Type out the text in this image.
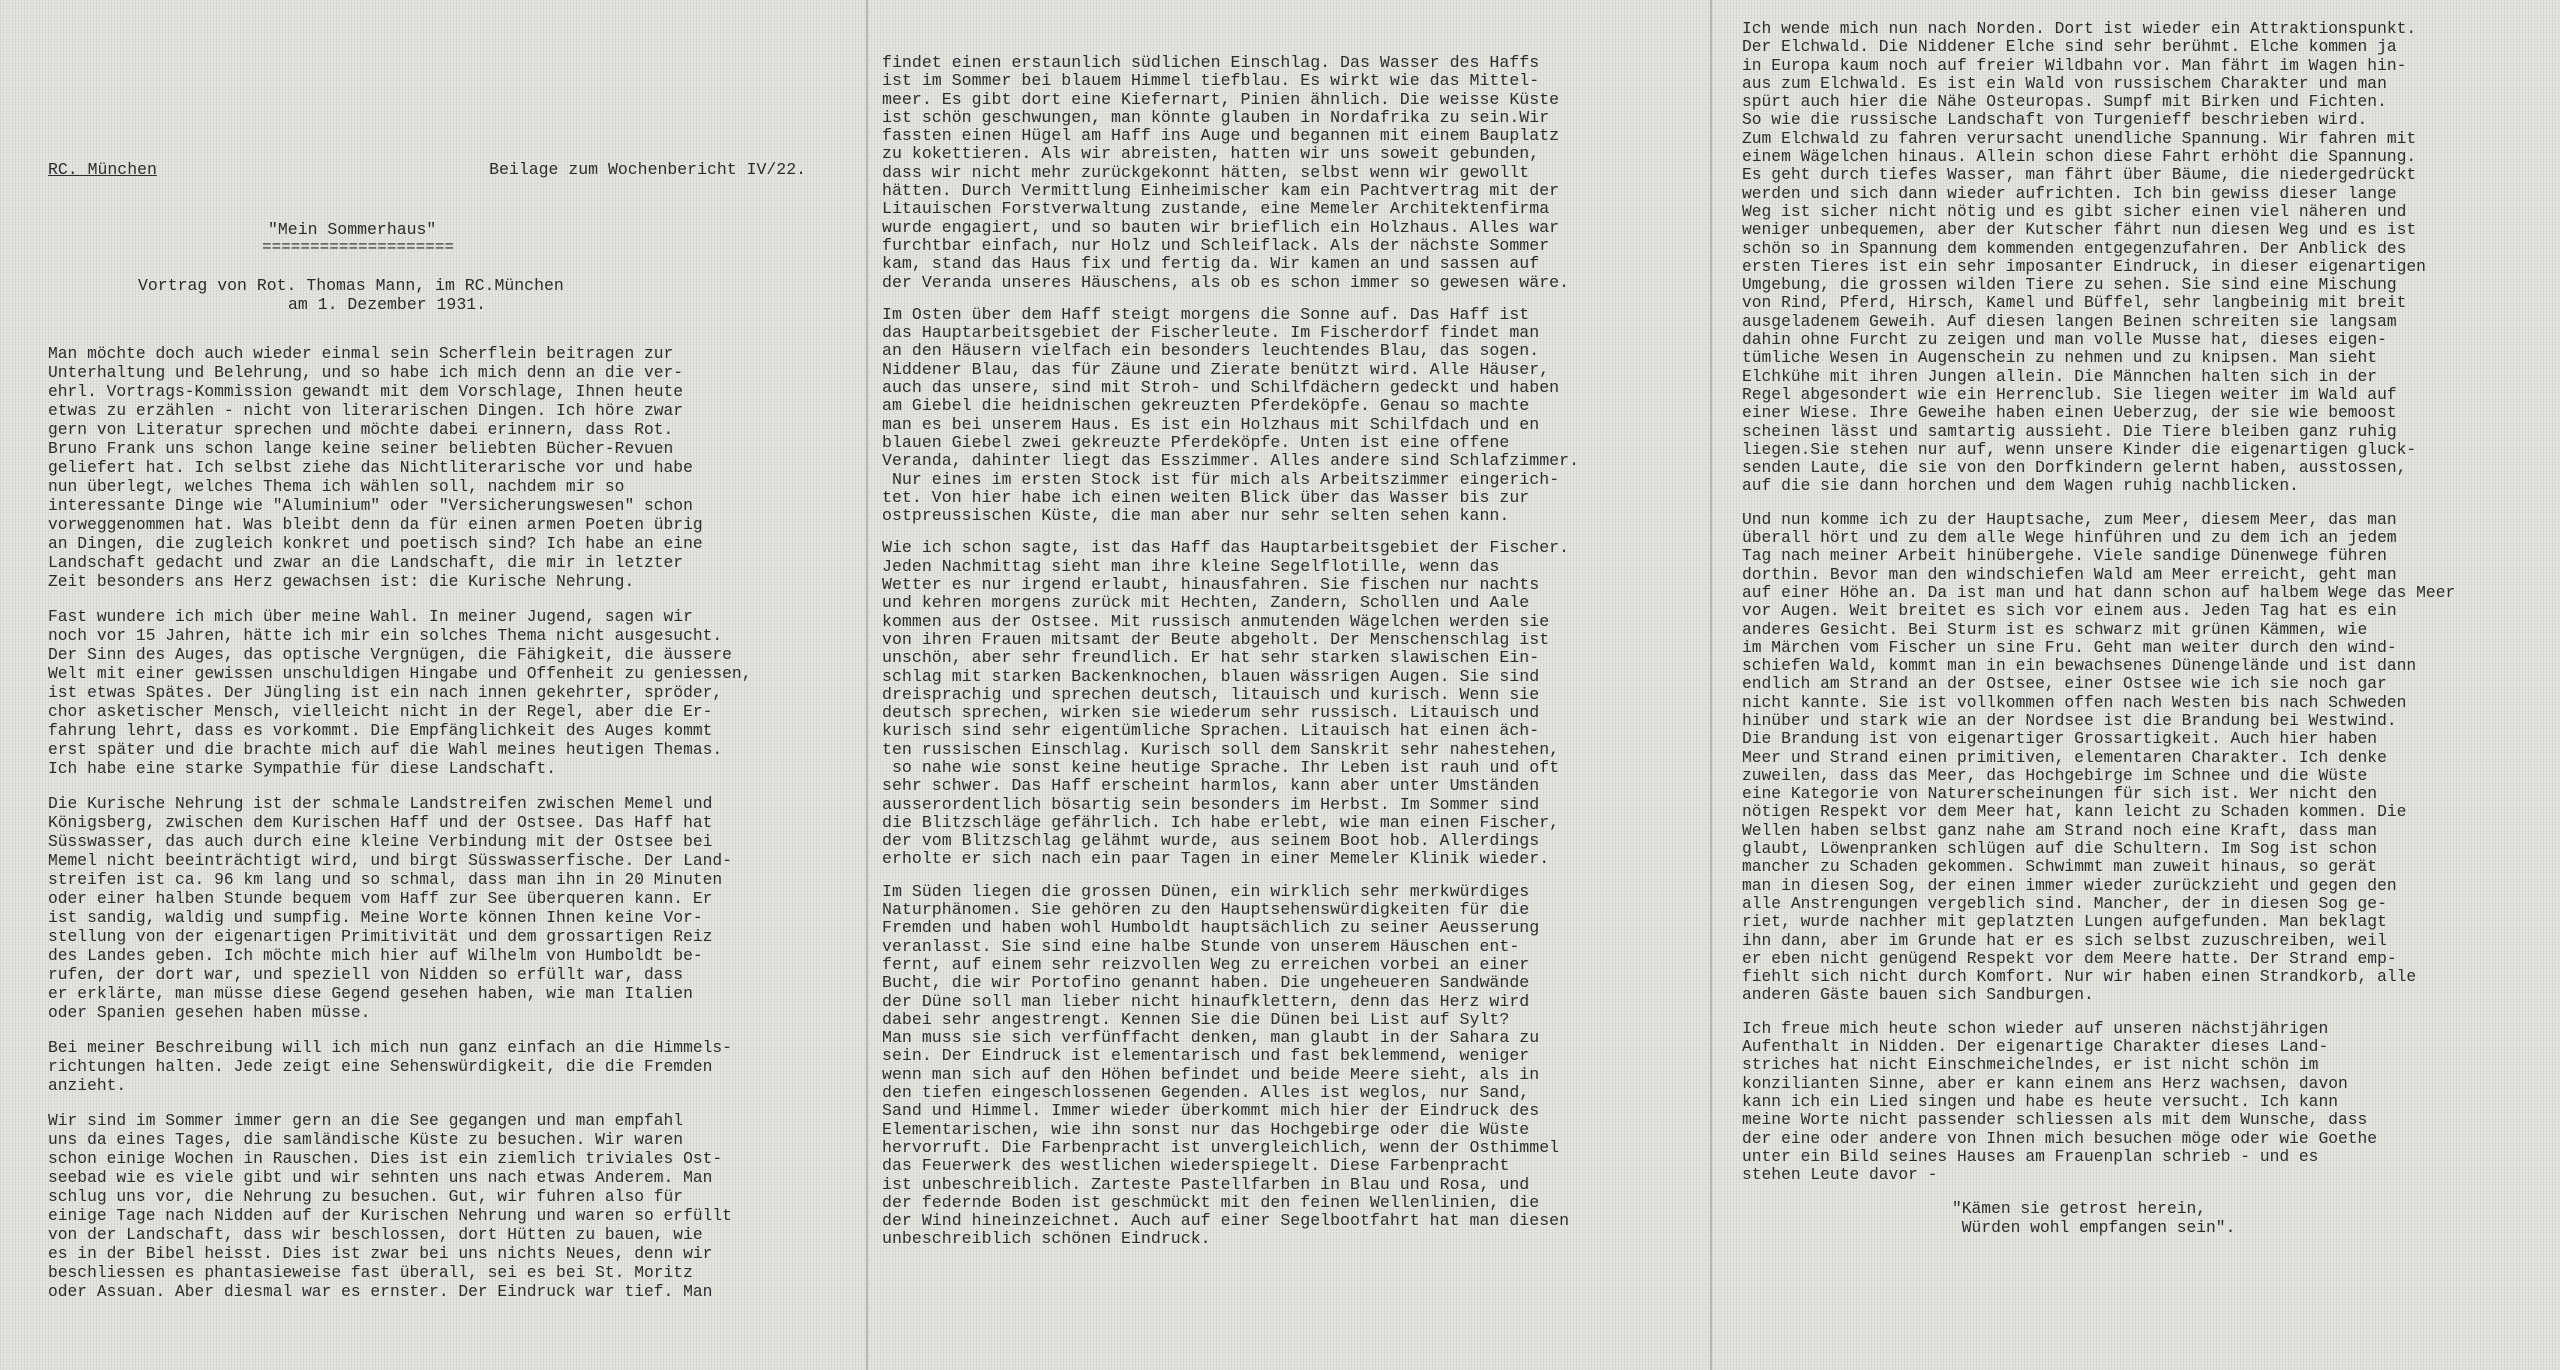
RC. München	Beilage zum Wochenbericht IV/22.
"Mein Sommerhaus"
====================
Vortrag von Rot. Thomas Mann, im RC.München
am 1. Dezember 1931.

Man möchte doch auch wieder einmal sein Scherflein beitragen zur
Unterhaltung und Belehrung, und so habe ich mich denn an die ver-
ehrl. Vortrags-Kommission gewandt mit dem Vorschlage, Ihnen heute
etwas zu erzählen - nicht von literarischen Dingen. Ich höre zwar
gern von Literatur sprechen und möchte dabei erinnern, dass Rot.
Bruno Frank uns schon lange keine seiner beliebten Bücher-Revuen
geliefert hat. Ich selbst ziehe das Nichtliterarische vor und habe
nun überlegt, welches Thema ich wählen soll, nachdem mir so
interessante Dinge wie "Aluminium" oder "Versicherungswesen" schon
vorweggenommen hat. Was bleibt denn da für einen armen Poeten übrig
an Dingen, die zugleich konkret und poetisch sind? Ich habe an eine
Landschaft gedacht und zwar an die Landschaft, die mir in letzter
Zeit besonders ans Herz gewachsen ist: die Kurische Nehrung.

Fast wundere ich mich über meine Wahl. In meiner Jugend, sagen wir
noch vor 15 Jahren, hätte ich mir ein solches Thema nicht ausgesucht.
Der Sinn des Auges, das optische Vergnügen, die Fähigkeit, die äussere
Welt mit einer gewissen unschuldigen Hingabe und Offenheit zu geniessen,
ist etwas Spätes. Der Jüngling ist ein nach innen gekehrter, spröder,
chor asketischer Mensch, vielleicht nicht in der Regel, aber die Er-
fahrung lehrt, dass es vorkommt. Die Empfänglichkeit des Auges kommt
erst später und die brachte mich auf die Wahl meines heutigen Themas.
Ich habe eine starke Sympathie für diese Landschaft.

Die Kurische Nehrung ist der schmale Landstreifen zwischen Memel und
Königsberg, zwischen dem Kurischen Haff und der Ostsee. Das Haff hat
Süsswasser, das auch durch eine kleine Verbindung mit der Ostsee bei
Memel nicht beeinträchtigt wird, und birgt Süsswasserfische. Der Land-
streifen ist ca. 96 km lang und so schmal, dass man ihn in 20 Minuten
oder einer halben Stunde bequem vom Haff zur See überqueren kann. Er
ist sandig, waldig und sumpfig. Meine Worte können Ihnen keine Vor-
stellung von der eigenartigen Primitivität und dem grossartigen Reiz
des Landes geben. Ich möchte mich hier auf Wilhelm von Humboldt be-
rufen, der dort war, und speziell von Nidden so erfüllt war, dass
er erklärte, man müsse diese Gegend gesehen haben, wie man Italien
oder Spanien gesehen haben müsse.

Bei meiner Beschreibung will ich mich nun ganz einfach an die Himmels-
richtungen halten. Jede zeigt eine Sehenswürdigkeit, die die Fremden
anzieht.

Wir sind im Sommer immer gern an die See gegangen und man empfahl
uns da eines Tages, die samländische Küste zu besuchen. Wir waren
schon einige Wochen in Rauschen. Dies ist ein ziemlich triviales Ost-
seebad wie es viele gibt und wir sehnten uns nach etwas Anderem. Man
schlug uns vor, die Nehrung zu besuchen. Gut, wir fuhren also für
einige Tage nach Nidden auf der Kurischen Nehrung und waren so erfüllt
von der Landschaft, dass wir beschlossen, dort Hütten zu bauen, wie
es in der Bibel heisst. Dies ist zwar bei uns nichts Neues, denn wir
beschliessen es phantasieweise fast überall, sei es bei St. Moritz
oder Assuan. Aber diesmal war es ernster. Der Eindruck war tief. Man

findet einen erstaunlich südlichen Einschlag. Das Wasser des Haffs
ist im Sommer bei blauem Himmel tiefblau. Es wirkt wie das Mittel-
meer. Es gibt dort eine Kiefernart, Pinien ähnlich. Die weisse Küste
ist schön geschwungen, man könnte glauben in Nordafrika zu sein.Wir
fassten einen Hügel am Haff ins Auge und begannen mit einem Bauplatz
zu kokettieren. Als wir abreisten, hatten wir uns soweit gebunden,
dass wir nicht mehr zurückgekonnt hätten, selbst wenn wir gewollt
hätten. Durch Vermittlung Einheimischer kam ein Pachtvertrag mit der
Litauischen Forstverwaltung zustande, eine Memeler Architektenfirma
wurde engagiert, und so bauten wir brieflich ein Holzhaus. Alles war
furchtbar einfach, nur Holz und Schleiflack. Als der nächste Sommer
kam, stand das Haus fix und fertig da. Wir kamen an und sassen auf
der Veranda unseres Häuschens, als ob es schon immer so gewesen wäre.

Im Osten über dem Haff steigt morgens die Sonne auf. Das Haff ist
das Hauptarbeitsgebiet der Fischerleute. Im Fischerdorf findet man
an den Häusern vielfach ein besonders leuchtendes Blau, das sogen.
Niddener Blau, das für Zäune und Zierate benützt wird. Alle Häuser,
auch das unsere, sind mit Stroh- und Schilfdächern gedeckt und haben
am Giebel die heidnischen gekreuzten Pferdeköpfe. Genau so machte
man es bei unserem Haus. Es ist ein Holzhaus mit Schilfdach und en
blauen Giebel zwei gekreuzte Pferdeköpfe. Unten ist eine offene
Veranda, dahinter liegt das Esszimmer. Alles andere sind Schlafzimmer.
Nur eines im ersten Stock ist für mich als Arbeitszimmer eingerich-
tet. Von hier habe ich einen weiten Blick über das Wasser bis zur
ostpreussischen Küste, die man aber nur sehr selten sehen kann.

Wie ich schon sagte, ist das Haff das Hauptarbeitsgebiet der Fischer.
Jeden Nachmittag sieht man ihre kleine Segelflotille, wenn das
Wetter es nur irgend erlaubt, hinausfahren. Sie fischen nur nachts
und kehren morgens zurück mit Hechten, Zandern, Schollen und Aale
kommen aus der Ostsee. Mit russisch anmutenden Wägelchen werden sie
von ihren Frauen mitsamt der Beute abgeholt. Der Menschenschlag ist
unschön, aber sehr freundlich. Er hat sehr starken slawischen Ein-
schlag mit starken Backenknochen, blauen wässrigen Augen. Sie sind
dreisprachig und sprechen deutsch, litauisch und kurisch. Wenn sie
deutsch sprechen, wirken sie wiederum sehr russisch. Litauisch und
kurisch sind sehr eigentümliche Sprachen. Litauisch hat einen äch-
ten russischen Einschlag. Kurisch soll dem Sanskrit sehr nahestehen,
so nahe wie sonst keine heutige Sprache. Ihr Leben ist rauh und oft
sehr schwer. Das Haff erscheint harmlos, kann aber unter Umständen
ausserordentlich bösartig sein besonders im Herbst. Im Sommer sind
die Blitzschläge gefährlich. Ich habe erlebt, wie man einen Fischer,
der vom Blitzschlag gelähmt wurde, aus seinem Boot hob. Allerdings
erholte er sich nach ein paar Tagen in einer Memeler Klinik wieder.

Im Süden liegen die grossen Dünen, ein wirklich sehr merkwürdiges
Naturphänomen. Sie gehören zu den Hauptsehenswürdigkeiten für die
Fremden und haben wohl Humboldt hauptsächlich zu seiner Aeusserung
veranlasst. Sie sind eine halbe Stunde von unserem Häuschen ent-
fernt, auf einem sehr reizvollen Weg zu erreichen vorbei an einer
Bucht, die wir Portofino genannt haben. Die ungeheueren Sandwände
der Düne soll man lieber nicht hinaufklettern, denn das Herz wird
dabei sehr angestrengt. Kennen Sie die Dünen bei List auf Sylt?
Man muss sie sich verfünffacht denken, man glaubt in der Sahara zu
sein. Der Eindruck ist elementarisch und fast beklemmend, weniger
wenn man sich auf den Höhen befindet und beide Meere sieht, als in
den tiefen eingeschlossenen Gegenden. Alles ist weglos, nur Sand,
Sand und Himmel. Immer wieder überkommt mich hier der Eindruck des
Elementarischen, wie ihn sonst nur das Hochgebirge oder die Wüste
hervorruft. Die Farbenpracht ist unvergleichlich, wenn der Osthimmel
das Feuerwerk des westlichen wiederspiegelt. Diese Farbenpracht
ist unbeschreiblich. Zarteste Pastellfarben in Blau und Rosa, und
der federnde Boden ist geschmückt mit den feinen Wellenlinien, die
der Wind hineinzeichnet. Auch auf einer Segelbootfahrt hat man diesen
unbeschreiblich schönen Eindruck.

Ich wende mich nun nach Norden. Dort ist wieder ein Attraktionspunkt.
Der Elchwald. Die Niddener Elche sind sehr berühmt. Elche kommen ja
in Europa kaum noch auf freier Wildbahn vor. Man fährt im Wagen hin-
aus zum Elchwald. Es ist ein Wald von russischem Charakter und man
spürt auch hier die Nähe Osteuropas. Sumpf mit Birken und Fichten.
So wie die russische Landschaft von Turgenieff beschrieben wird.
Zum Elchwald zu fahren verursacht unendliche Spannung. Wir fahren mit
einem Wägelchen hinaus. Allein schon diese Fahrt erhöht die Spannung.
Es geht durch tiefes Wasser, man fährt über Bäume, die niedergedrückt
werden und sich dann wieder aufrichten. Ich bin gewiss dieser lange
Weg ist sicher nicht nötig und es gibt sicher einen viel näheren und
weniger unbequemen, aber der Kutscher fährt nun diesen Weg und es ist
schön so in Spannung dem kommenden entgegenzufahren. Der Anblick des
ersten Tieres ist ein sehr imposanter Eindruck, in dieser eigenartigen
Umgebung, die grossen wilden Tiere zu sehen. Sie sind eine Mischung
von Rind, Pferd, Hirsch, Kamel und Büffel, sehr langbeinig mit breit
ausgeladenem Geweih. Auf diesen langen Beinen schreiten sie langsam
dahin ohne Furcht zu zeigen und man volle Musse hat, dieses eigen-
tümliche Wesen in Augenschein zu nehmen und zu knipsen. Man sieht
Elchkühe mit ihren Jungen allein. Die Männchen halten sich in der
Regel abgesondert wie ein Herrenclub. Sie liegen weiter im Wald auf
einer Wiese. Ihre Geweihe haben einen Ueberzug, der sie wie bemoost
scheinen lässt und samtartig aussieht. Die Tiere bleiben ganz ruhig
liegen.Sie stehen nur auf, wenn unsere Kinder die eigenartigen gluck-
senden Laute, die sie von den Dorfkindern gelernt haben, ausstossen,
auf die sie dann horchen und dem Wagen ruhig nachblicken.

Und nun komme ich zu der Hauptsache, zum Meer, diesem Meer, das man
überall hört und zu dem alle Wege hinführen und zu dem ich an jedem
Tag nach meiner Arbeit hinübergehe. Viele sandige Dünenwege führen
dorthin. Bevor man den windschiefen Wald am Meer erreicht, geht man
auf einer Höhe an. Da ist man und hat dann schon auf halbem Wege das Meer
vor Augen. Weit breitet es sich vor einem aus. Jeden Tag hat es ein
anderes Gesicht. Bei Sturm ist es schwarz mit grünen Kämmen, wie
im Märchen vom Fischer un sine Fru. Geht man weiter durch den wind-
schiefen Wald, kommt man in ein bewachsenes Dünengelände und ist dann
endlich am Strand an der Ostsee, einer Ostsee wie ich sie noch gar
nicht kannte. Sie ist vollkommen offen nach Westen bis nach Schweden
hinüber und stark wie an der Nordsee ist die Brandung bei Westwind.
Die Brandung ist von eigenartiger Grossartigkeit. Auch hier haben
Meer und Strand einen primitiven, elementaren Charakter. Ich denke
zuweilen, dass das Meer, das Hochgebirge im Schnee und die Wüste
eine Kategorie von Naturerscheinungen für sich ist. Wer nicht den
nötigen Respekt vor dem Meer hat, kann leicht zu Schaden kommen. Die
Wellen haben selbst ganz nahe am Strand noch eine Kraft, dass man
glaubt, Löwenpranken schlügen auf die Schultern. Im Sog ist schon
mancher zu Schaden gekommen. Schwimmt man zuweit hinaus, so gerät
man in diesen Sog, der einen immer wieder zurückzieht und gegen den
alle Anstrengungen vergeblich sind. Mancher, der in diesen Sog ge-
riet, wurde nachher mit geplatzten Lungen aufgefunden. Man beklagt
ihn dann, aber im Grunde hat er es sich selbst zuzuschreiben, weil
er eben nicht genügend Respekt vor dem Meere hatte. Der Strand emp-
fiehlt sich nicht durch Komfort. Nur wir haben einen Strandkorb, alle
anderen Gäste bauen sich Sandburgen.

Ich freue mich heute schon wieder auf unseren nächstjährigen
Aufenthalt in Nidden. Der eigenartige Charakter dieses Land-
striches hat nicht Einschmeichelndes, er ist nicht schön im
konzilianten Sinne, aber er kann einem ans Herz wachsen, davon
kann ich ein Lied singen und habe es heute versucht. Ich kann
meine Worte nicht passender schliessen als mit dem Wunsche, dass
der eine oder andere von Ihnen mich besuchen möge oder wie Goethe
unter ein Bild seines Hauses am Frauenplan schrieb - und es
stehen Leute davor -

"Kämen sie getrost herein,
Würden wohl empfangen sein".
